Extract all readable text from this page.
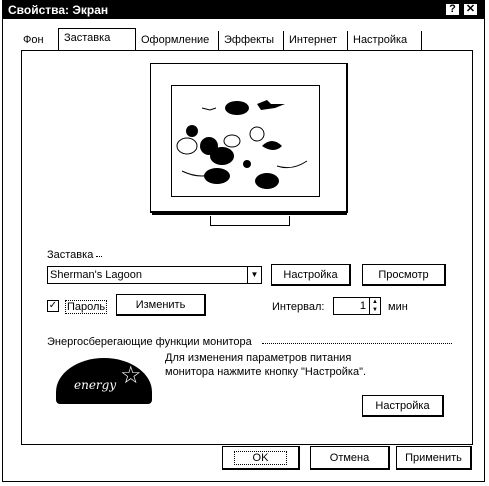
Свойства: Экран	? ✕
Фон	Заставка	Оформление	Эффекты	Интернет	Настройка
Заставка
Sherman's Lagoon	▼	Настройка	Просмотр
✓ Пароль	Изменить	Интервал:	1	▲
▼ мин
Энергосберегающие функции монитора
energy ☆
Для изменения параметров питания
монитора нажмите кнопку "Настройка".
Настройка
OK	Отмена	Применить
